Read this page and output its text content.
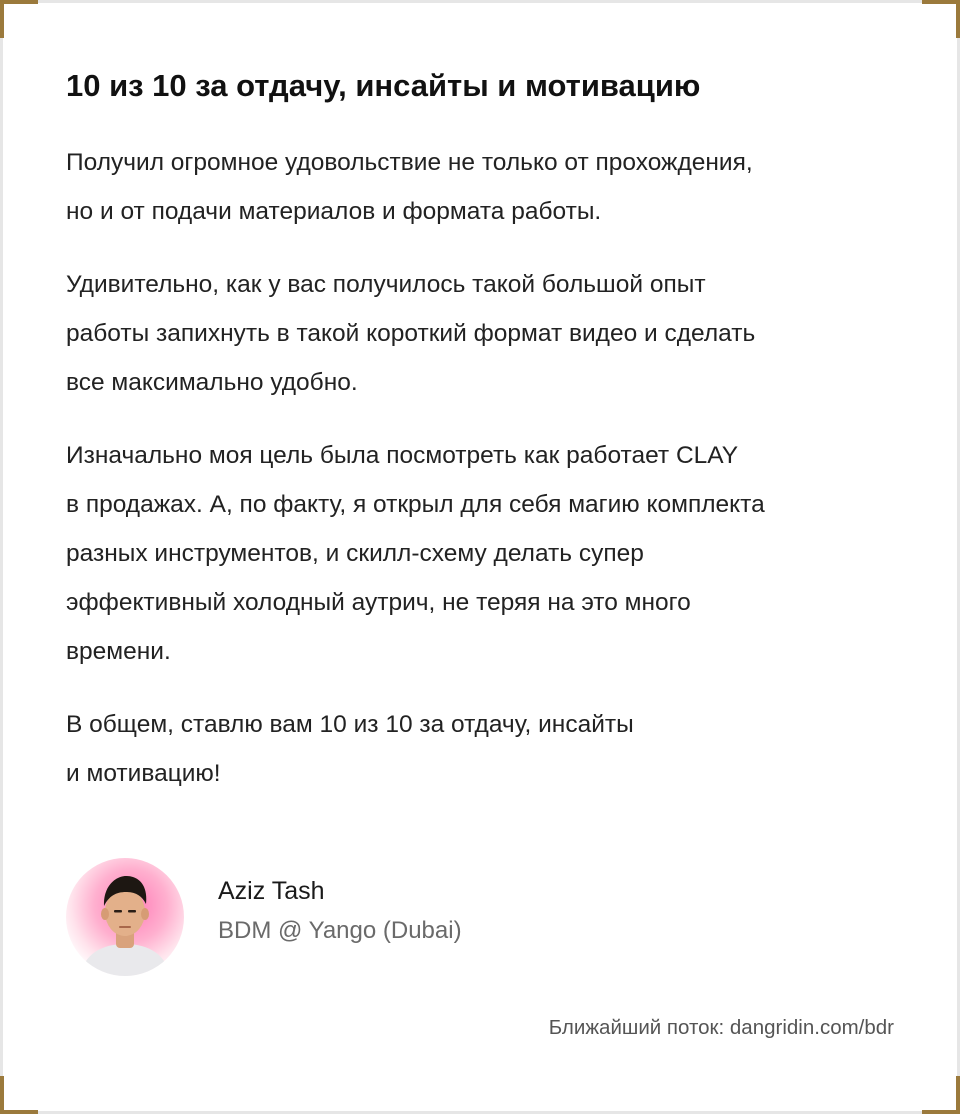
10 из 10 за отдачу, инсайты и мотивацию

Получил огромное удовольствие не только от прохождения,
но и от подачи материалов и формата работы.

Удивительно, как у вас получилось такой большой опыт
работы запихнуть в такой короткий формат видео и сделать
все максимально удобно.

Изначально моя цель была посмотреть как работает CLAY
в продажах. А, по факту, я открыл для себя магию комплекта
разных инструментов, и скилл-схему делать супер
эффективный холодный аутрич, не теряя на это много
времени.

В общем, ставлю вам 10 из 10 за отдачу, инсайты
и мотивацию!

Aziz Tash
BDM @ Yango (Dubai)
Ближайший поток: dangridin.com/bdr
